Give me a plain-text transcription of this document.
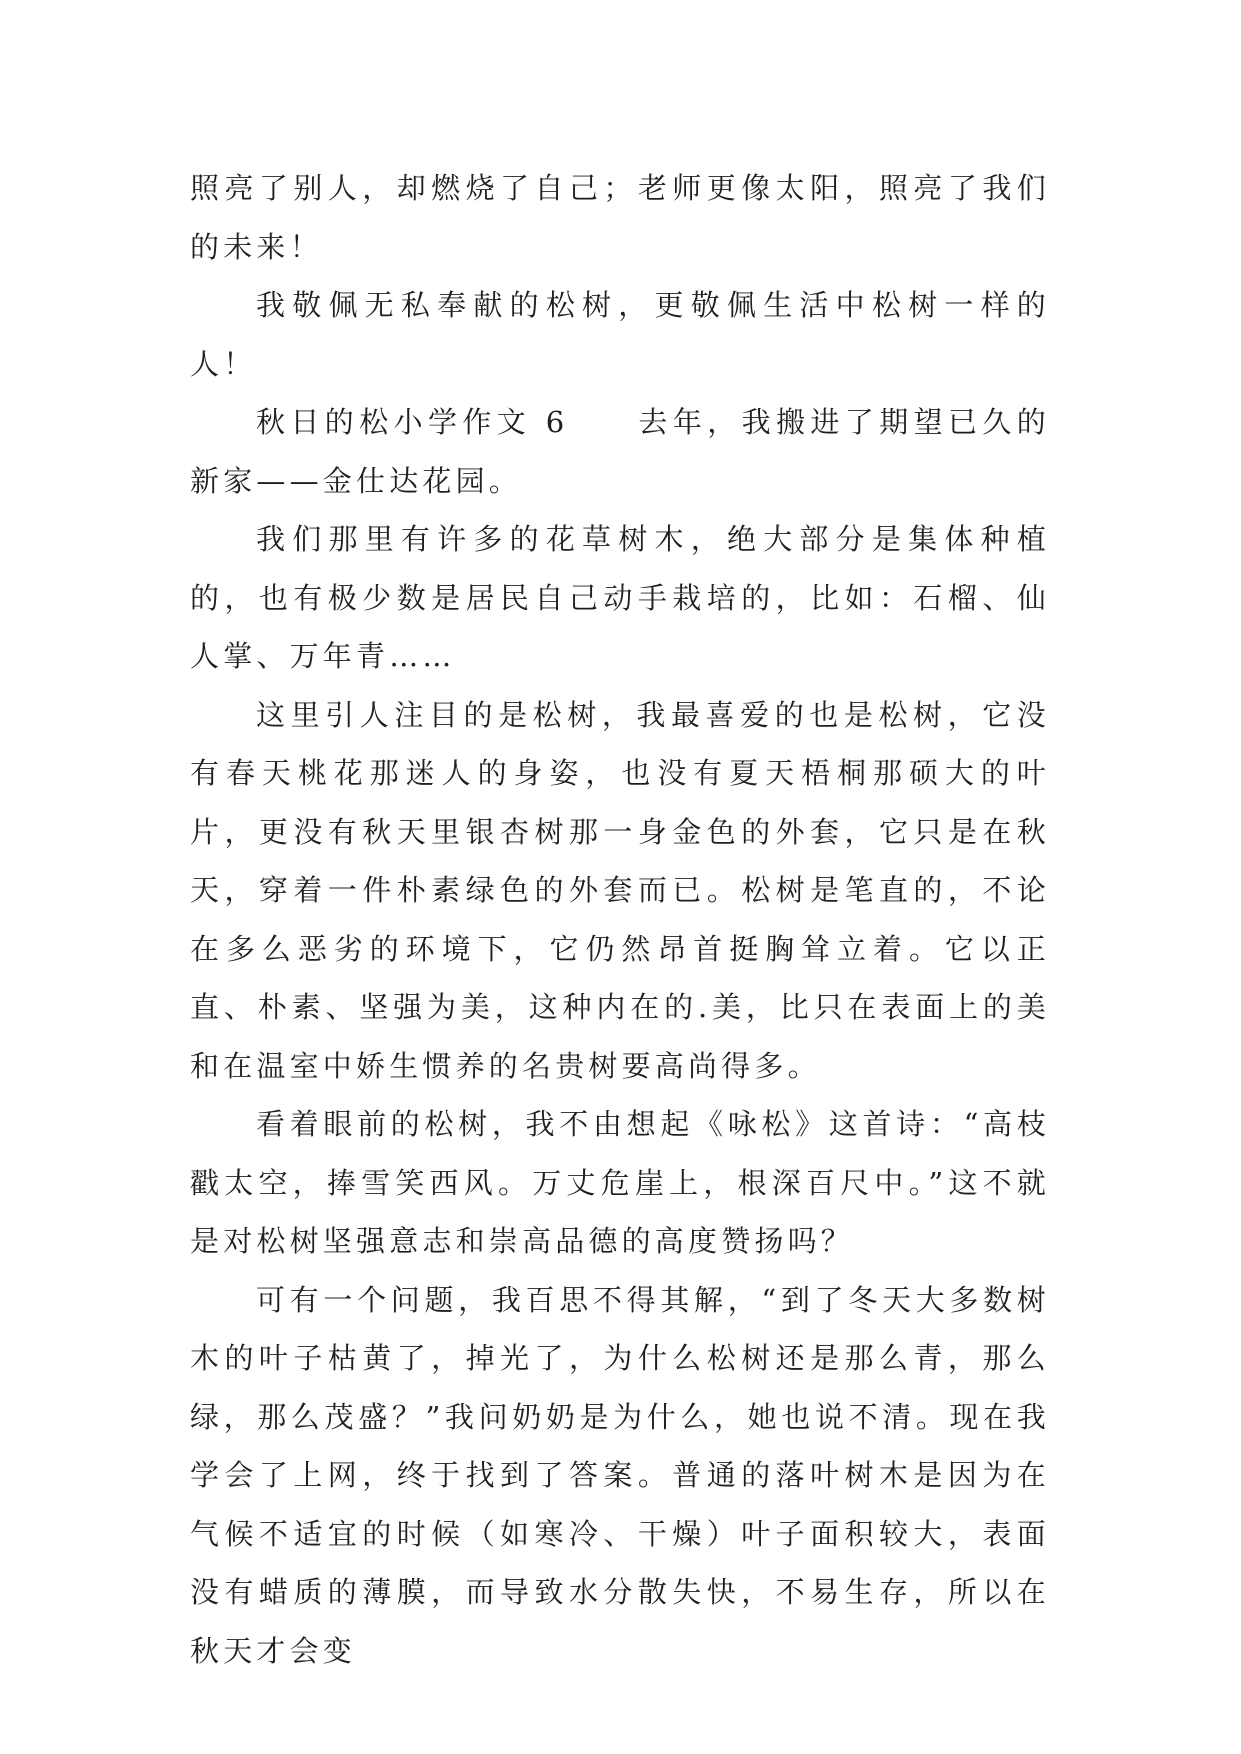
照亮了别人，却燃烧了自己；老师更像太阳，照亮了我们的未来！

我敬佩无私奉献的松树，更敬佩生活中松树一样的人！

秋日的松小学作文 6　　去年，我搬进了期望已久的新家——金仕达花园。

我们那里有许多的花草树木，绝大部分是集体种植的，也有极少数是居民自己动手栽培的，比如：石榴、仙人掌、万年青……

这里引人注目的是松树，我最喜爱的也是松树，它没有春天桃花那迷人的身姿，也没有夏天梧桐那硕大的叶片，更没有秋天里银杏树那一身金色的外套，它只是在秋天，穿着一件朴素绿色的外套而已。松树是笔直的，不论在多么恶劣的环境下，它仍然昂首挺胸耸立着。它以正直、朴素、坚强为美，这种内在的.美，比只在表面上的美和在温室中娇生惯养的名贵树要高尚得多。

看着眼前的松树，我不由想起《咏松》这首诗：“高枝戳太空，捧雪笑西风。万丈危崖上，根深百尺中。”这不就是对松树坚强意志和崇高品德的高度赞扬吗？

可有一个问题，我百思不得其解，“到了冬天大多数树木的叶子枯黄了，掉光了，为什么松树还是那么青，那么绿，那么茂盛？”我问奶奶是为什么，她也说不清。现在我学会了上网，终于找到了答案。普通的落叶树木是因为在气候不适宜的时候（如寒冷、干燥）叶子面积较大，表面没有蜡质的薄膜，而导致水分散失快，不易生存，所以在秋天才会变
